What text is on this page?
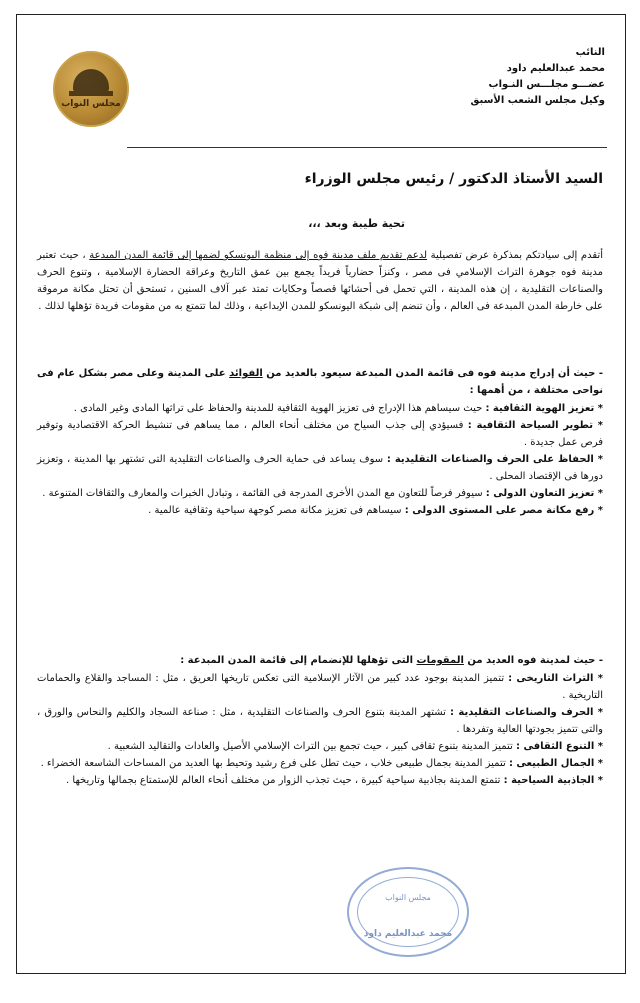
النائب
محمد عبدالعليم داود
عضـــو مجلـــس النـواب
وكيل مجلس الشعب الأسبق
مجلس النواب
السيد الأستاذ الدكتور / رئيس مجلس الوزراء
تحية طيبة وبعد ،،،

أتقدم إلى سيادتكم بمذكرة عرض تفصيلية لدعم تقديم ملف مدينة فوه إلى منظمة اليونسكو لضمها إلى قائمة المدن المبدعة ، حيث تعتبر مدينة فوه جوهرة التراث الإسلامي فى مصر ، وكنزاً حضارياً فريداً يجمع بين عمق التاريخ وعراقة الحضارة الإسلامية ، وتنوع الحرف والصناعات التقليدية ، إن هذه المدينة ، التي تحمل فى أحشائها قصصاً وحكايات تمتد عبر آلاف السنين ، تستحق أن تحتل مكانة مرموقة على خارطة المدن المبدعة فى العالم ، وأن تنضم إلى شبكة اليونسكو للمدن الإبداعية ، وذلك لما تتمتع به من مقومات فريدة تؤهلها لذلك .

- حيث أن إدراج مدينة فوه فى قائمة المدن المبدعة سيعود بالعديد من الفوائد على المدينة وعلى مصر بشكل عام فى نواحى مختلفة ، من أهمها :

* تعزيز الهوية الثقافية : حيث سيساهم هذا الإدراج فى تعزيز الهوية الثقافية للمدينة والحفاظ على تراثها المادى وغير المادى .

* تطوير السياحة الثقافية : فسيؤدي إلى جذب السياح من مختلف أنحاء العالم ، مما يساهم فى تنشيط الحركة الاقتصادية وتوفير فرص عمل جديدة .

* الحفاظ على الحرف والصناعات التقليدية : سوف يساعد فى حماية الحرف والصناعات التقليدية التى تشتهر بها المدينة ، وتعزيز دورها فى الإقتصاد المحلى .

* تعزيز التعاون الدولى : سيوفر فرصاً للتعاون مع المدن الأخرى المدرجة فى القائمة ، وتبادل الخبرات والمعارف والثقافات المتنوعة .

* رفع مكانة مصر على المستوى الدولى : سيساهم فى تعزيز مكانة مصر كوجهة سياحية وثقافية عالمية .

- حيث لمدينة فوه العديد من المقومات التى تؤهلها للإنضمام إلى قائمة المدن المبدعة :

* التراث التاريخى : تتميز المدينة بوجود عدد كبير من الآثار الإسلامية التى تعكس تاريخها العريق ، مثل : المساجد والقلاع والحمامات التاريخية .

* الحرف والصناعات التقليدية : تشتهر المدينة بتنوع الحرف والصناعات التقليدية ، مثل : صناعة السجاد والكليم والنحاس والورق ، والتى تتميز بجودتها العالية وتفردها .

* التنوع الثقافى : تتميز المدينة بتنوع ثقافى كبير ، حيث تجمع بين التراث الإسلامي الأصيل والعادات والتقاليد الشعبية .

* الجمال الطبيعى : تتميز المدينة بجمال طبيعى خلاب ، حيث تطل على فرع رشيد وتحيط بها العديد من المساحات الشاسعة الخضراء .

* الجاذبية السياحية : تتمتع المدينة بجاذبية سياحية كبيرة ، حيث تجذب الزوار من مختلف أنحاء العالم للإستمتاع بجمالها وتاريخها .

مجلس النواب
محمد عبدالعليم داود
